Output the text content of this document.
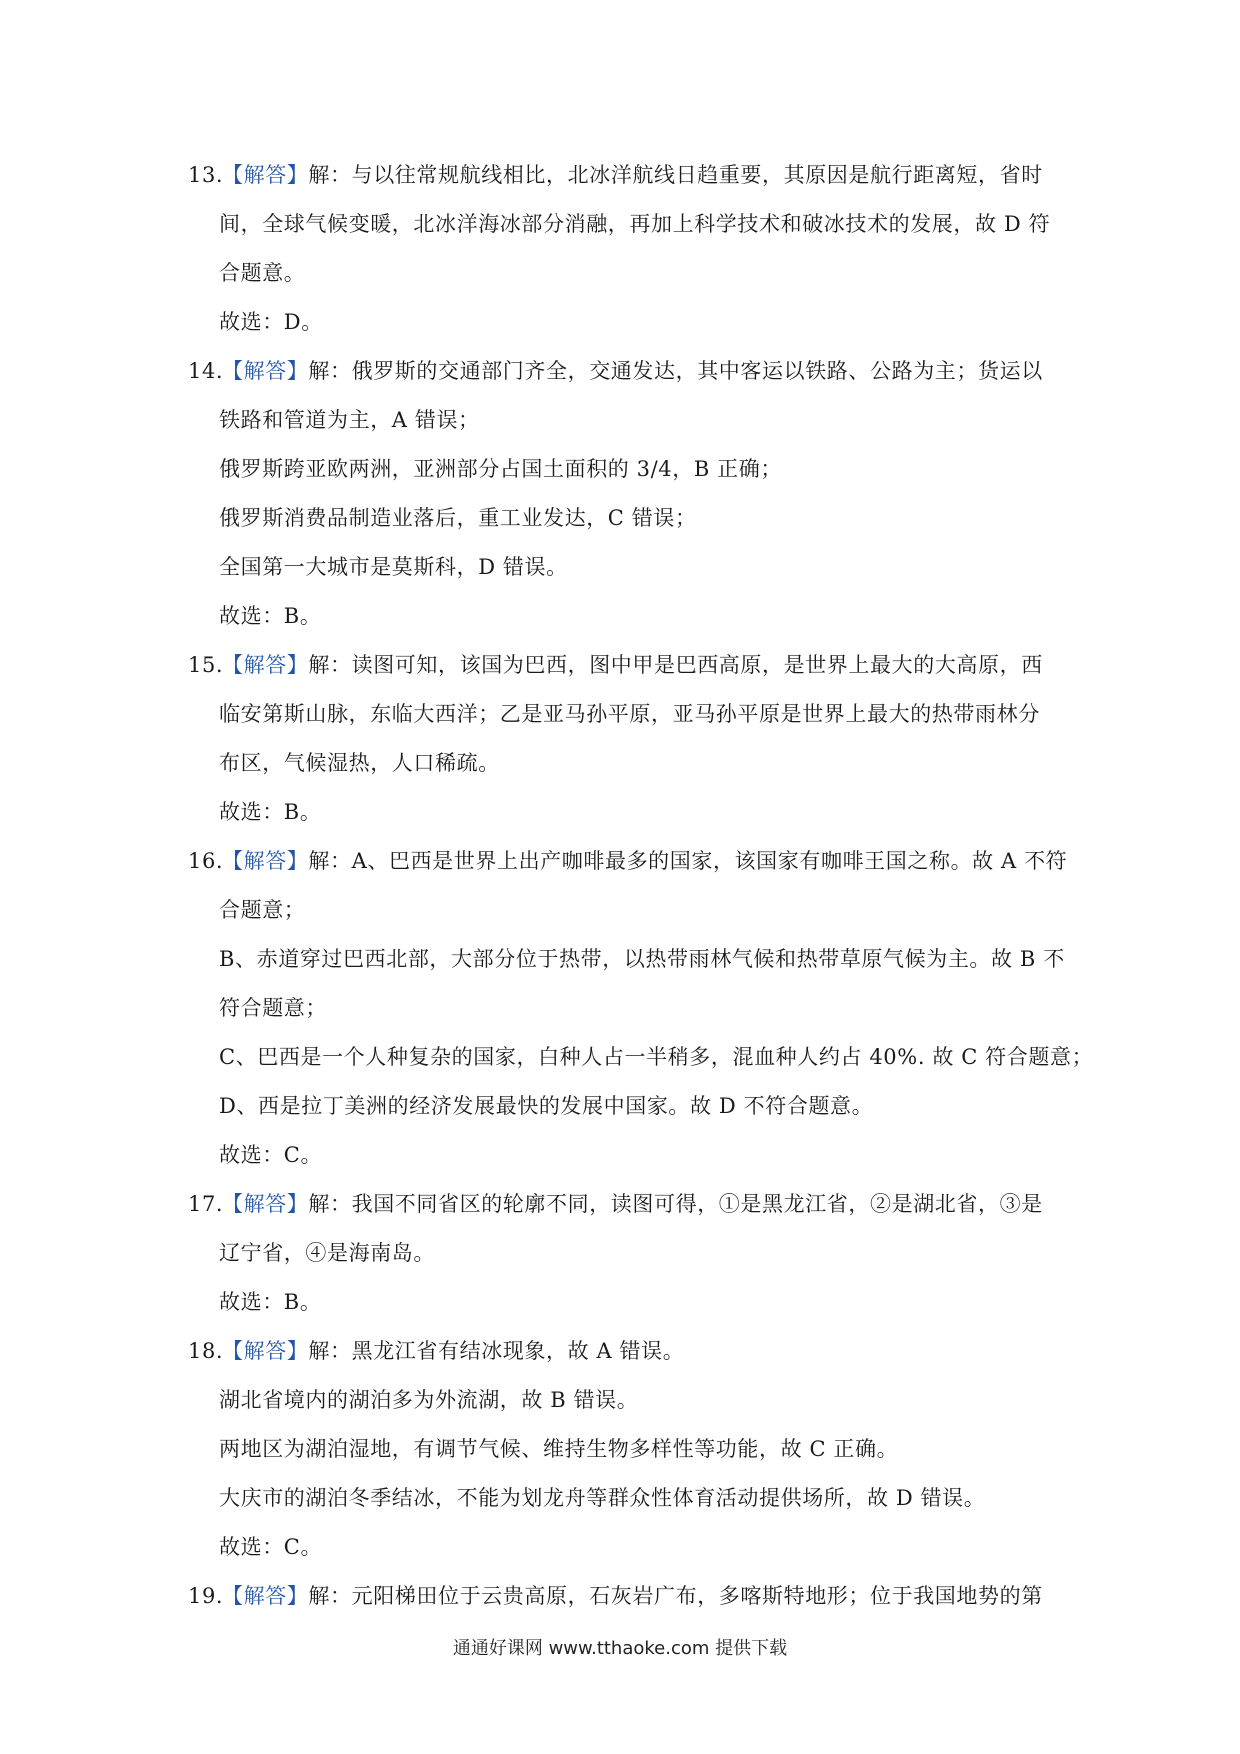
13.
【解答】解：与以往常规航线相比，北冰洋航线日趋重要，其原因是航行距离短，省时
间，全球气候变暖，北冰洋海冰部分消融，再加上科学技术和破冰技术的发展，故 D 符
合题意。
故选：D。
14.
【解答】解：俄罗斯的交通部门齐全，交通发达，其中客运以铁路、公路为主；货运以
铁路和管道为主，A 错误；
俄罗斯跨亚欧两洲，亚洲部分占国土面积的 3/4，B 正确；
俄罗斯消费品制造业落后，重工业发达，C 错误；
全国第一大城市是莫斯科，D 错误。
故选：B。
15.
【解答】解：读图可知，该国为巴西，图中甲是巴西高原，是世界上最大的大高原，西
临安第斯山脉，东临大西洋；乙是亚马孙平原，亚马孙平原是世界上最大的热带雨林分
布区，气候湿热，人口稀疏。
故选：B。
16.
【解答】解：A、巴西是世界上出产咖啡最多的国家，该国家有咖啡王国之称。故 A 不符
合题意；
B、赤道穿过巴西北部，大部分位于热带，以热带雨林气候和热带草原气候为主。故 B 不
符合题意；
C、巴西是一个人种复杂的国家，白种人占一半稍多，混血种人约占 40%. 故 C 符合题意；
D、西是拉丁美洲的经济发展最快的发展中国家。故 D 不符合题意。
故选：C。
17.
【解答】解：我国不同省区的轮廓不同，读图可得，①是黑龙江省，②是湖北省，③是
辽宁省，④是海南岛。
故选：B。
18.
【解答】解：黑龙江省有结冰现象，故 A 错误。
湖北省境内的湖泊多为外流湖，故 B 错误。
两地区为湖泊湿地，有调节气候、维持生物多样性等功能，故 C 正确。
大庆市的湖泊冬季结冰，不能为划龙舟等群众性体育活动提供场所，故 D 错误。
故选：C。
19.
【解答】解：元阳梯田位于云贵高原，石灰岩广布，多喀斯特地形；位于我国地势的第
通通好课网 www.tthaoke.com 提供下载
